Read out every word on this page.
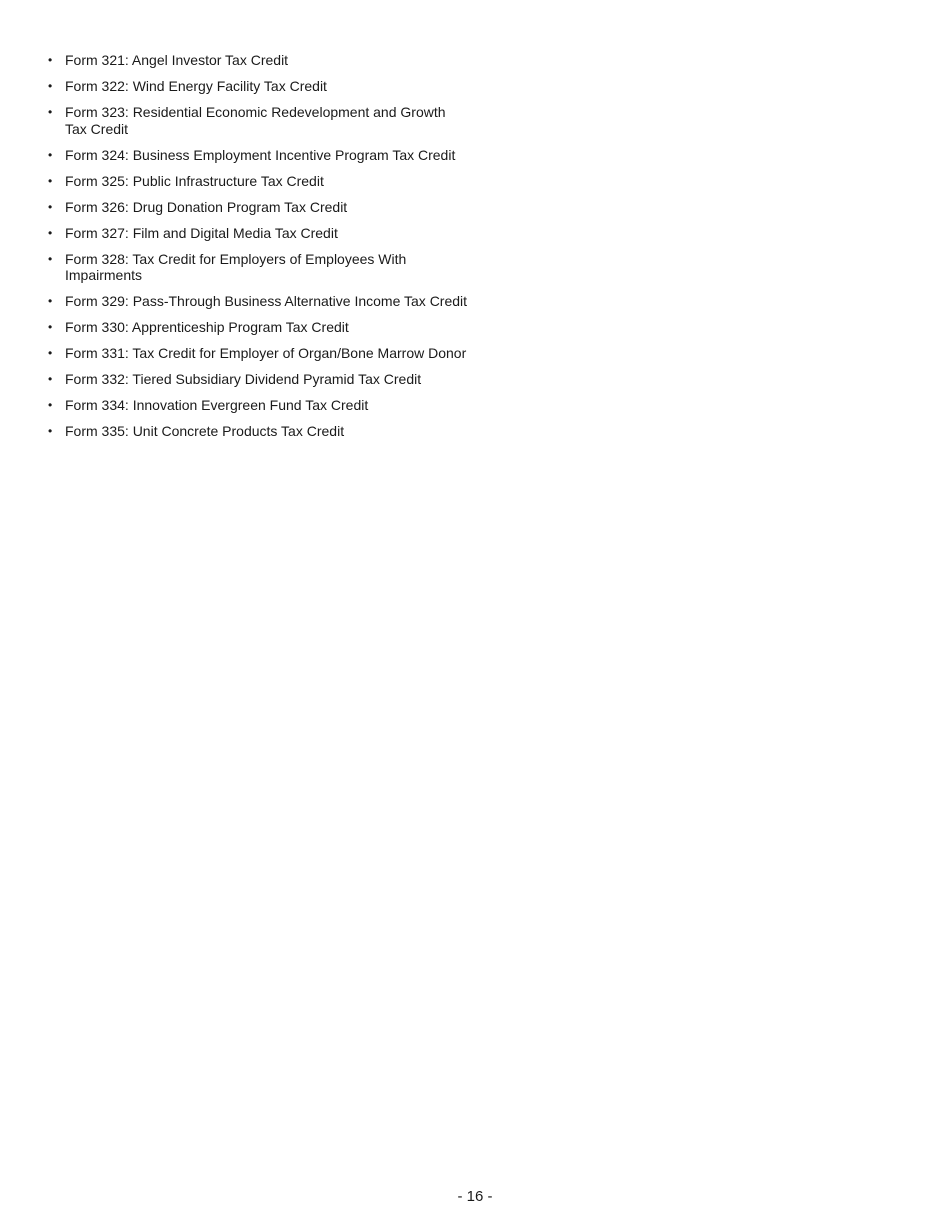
• Form 321: Angel Investor Tax Credit
• Form 322: Wind Energy Facility Tax Credit
• Form 323: Residential Economic Redevelopment and Growth Tax Credit
• Form 324: Business Employment Incentive Program Tax Credit
• Form 325: Public Infrastructure Tax Credit
• Form 326: Drug Donation Program Tax Credit
• Form 327: Film and Digital Media Tax Credit
• Form 328: Tax Credit for Employers of Employees With Impairments
• Form 329: Pass-Through Business Alternative Income Tax Credit
• Form 330: Apprenticeship Program Tax Credit
• Form 331: Tax Credit for Employer of Organ/Bone Marrow Donor
• Form 332: Tiered Subsidiary Dividend Pyramid Tax Credit
• Form 334: Innovation Evergreen Fund Tax Credit
• Form 335: Unit Concrete Products Tax Credit
- 16 -
